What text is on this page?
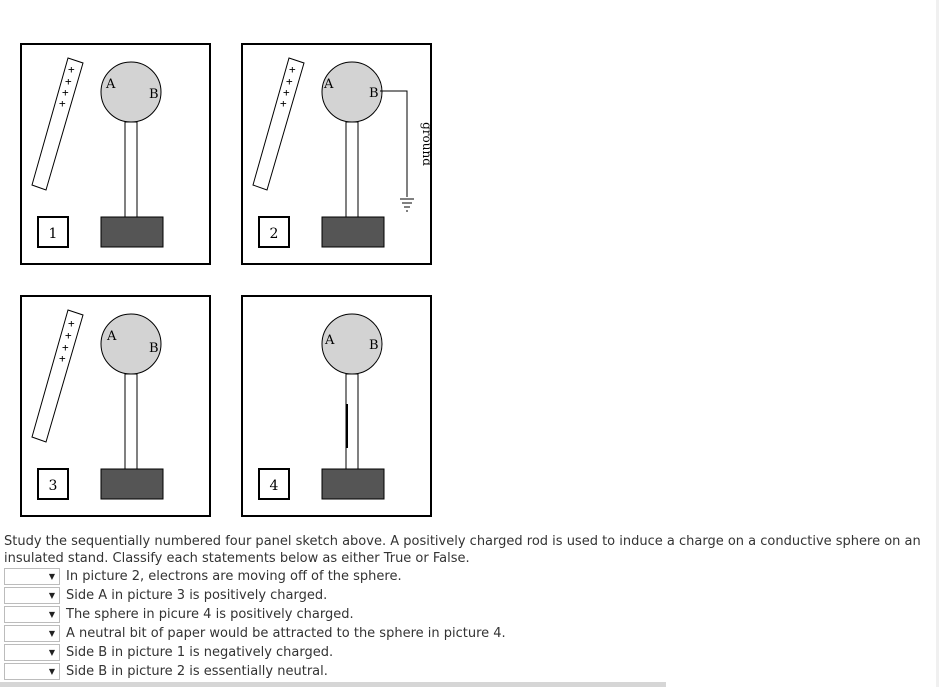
+
+
+
+
A
B
1
+
+
+
+
A
B
ground
2
+
+
+
+
A
B
3
A	B
4
Study the sequentially numbered four panel sketch above. A positively charged rod is used to induce a charge on a conductive sphere on an insulated stand. Classify each statements below as either True or False.
▼ In picture 2, electrons are moving off of the sphere.
▼ Side A in picture 3 is positively charged.
▼ The sphere in picure 4 is positively charged.
▼ A neutral bit of paper would be attracted to the sphere in picture 4.
▼ Side B in picture 1 is negatively charged.
▼ Side B in picture 2 is essentially neutral.
